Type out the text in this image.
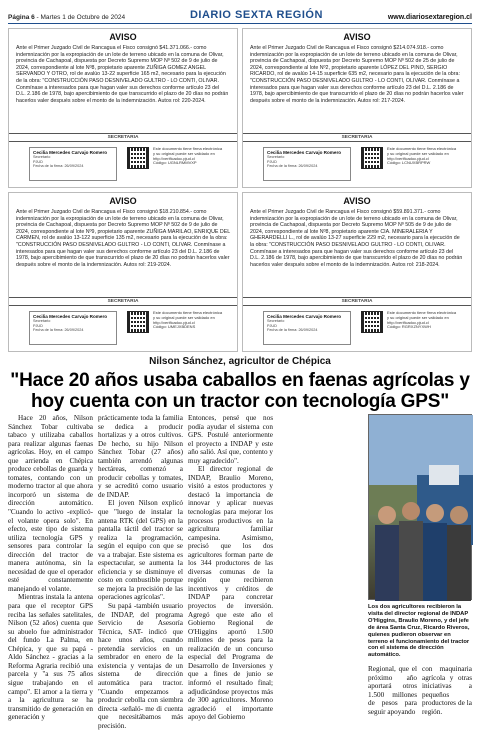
Página 6 - Martes 1 de Octubre de 2024	DIARIO SEXTA REGIÓN	www.diariosextaregion.cl
AVISO
Ante el Primer Juzgado Civil de Rancagua el Fisco consignó $41.371.066.- como indemnización por la expropiación de un lote de terreno ubicado en la comuna de Olivar, provincia de Cachapoal, dispuesta por Decreto Supremo MOP Nº 502 de 9 de julio de 2024, correspondiente al lote Nº8, propietario aparente ZUÑIGA GOMEZ ANGEL SERVANDO Y OTRO, rol de avalúo 13-22 superficie 165 m2, necesario para la ejecución de la obra: "CONSTRUCCIÓN PASO DESNIVELADO GULTRO - LO CONTI, OLIVAR. Conmínase a interesados para que hagan valer sus derechos conforme artículo 23 del D.L. 2.186 de 1978, bajo apercibimiento de que transcurrido el plazo de 20 días no podrán hacerlos valer después sobre el monto de la indemnización. Autos rol: 220-2024.
SECRETARIA
Cecilia Mercedes Carvajo Romero
Secretario
PJUD
Fecha de la firma: 26/09/2024
Este documento tiene firma electrónica y su original puede ser validado en http://verificadoc.pjud.cl
Código: UGNLRMMVXP
AVISO
Ante el Primer Juzgado Civil de Rancagua el Fisco consignó $214.074.918.- como indemnización por la expropiación de un lote de terreno ubicado en la comuna de Olivar, provincia de Cachapoal, dispuesta por Decreto Supremo MOP Nº 502 de 25 de julio de 2024, correspondiente al lote Nº2, propietario aparente LÓPEZ DEL PINO, SERGIO RICARDO, rol de avalúo 14-15 superficie 635 m2, necesario para la ejecución de la obra: "CONSTRUCCIÓN PASO DESNIVELADO GULTRO - LO CONTI, OLIVAR. Conmínase a interesados para que hagan valer sus derechos conforme artículo 23 del D.L. 2.186 de 1978, bajo apercibimiento de que transcurrido el plazo de 20 días no podrán hacerlos valer después sobre el monto de la indemnización. Autos rol: 217-2024.
SECRETARIA
Cecilia Mercedes Carvajo Romero
Secretario
PJUD
Fecha de la firma: 26/09/2024
Este documento tiene firma electrónica y su original puede ser validado en http://verificadoc.pjud.cl
Código: LCNUXBRPRW
AVISO
Ante el Primer Juzgado Civil de Rancagua el Fisco consignó $18.210.854.- como indemnización por la expropiación de un lote de terreno ubicado en la comuna de Olivar, provincia de Cachapoal, dispuesta por Decreto Supremo MOP Nº 502 de 9 de julio de 2024, correspondiente al lote Nº9, propietario aparente ZUÑIGA MARILAO, ENRIQUE DEL CARMEN, rol de avalúo 13-122 superficie 135 m2, necesario para la ejecución de la obra: "CONSTRUCCIÓN PASO DESNIVELADO GULTRO - LO CONTI, OLIVAR. Conmínase a interesados para que hagan valer sus derechos conforme artículo 23 del D.L. 2.186 de 1978, bajo apercibimiento de que transcurrido el plazo de 20 días no podrán hacerlos valer después sobre el monto de la indemnización. Autos rol: 219-2024.
SECRETARIA
Cecilia Mercedes Carvajo Romero
Secretario
PJUD
Fecha de la firma: 26/09/2024
Este documento tiene firma electrónica y su original puede ser validado en http://verificadoc.pjud.cl
Código: UMEJXBDENS
AVISO
Ante el Primer Juzgado Civil de Rancagua el Fisco consignó $59.891.371.- como indemnización por la expropiación de un lote de terreno ubicado en la comuna de Olivar, provincia de Cachapoal, dispuesta por Decreto Supremo MOP Nº 505 de 9 de julio de 2024, correspondiente al lote Nº8, propietario aparente CIA. MINERALERIA Y GHERARDELLI L., rol de avalúo 13-27 superficie 229 m2, necesario para la ejecución de la obra: "CONSTRUCCIÓN PASO DESNIVELADO GULTRO - LO CONTI, OLIVAR. Conmínase a interesados para que hagan valer sus derechos conforme artículo 23 del D.L. 2.186 de 1978, bajo apercibimiento de que transcurrido el plazo de 20 días no podrán hacerlos valer después sobre el monto de la indemnización. Autos rol: 218-2024.
SECRETARIA
Cecilia Mercedes Carvajo Romero
Secretario
PJUD
Fecha de la firma: 26/09/2024
Este documento tiene firma electrónica y su original puede ser validado en http://verificadoc.pjud.cl
Código: RGRXZNYXWH
Nilson Sánchez, agricultor de Chépica
"Hace 20 años usaba caballos en faenas agrícolas y hoy cuenta con un tractor con tecnología GPS"

Hace 20 años, Nilson Sánchez Tobar cultivaba tabaco y utilizaba caballos para realizar algunas faenas agrícolas. Hoy, en el campo que arrienda en Chépica produce cebollas de guarda y tomates, contando con un moderno tractor al que ahora incorporó un sistema de dirección automático. "Cuando lo activo -explicó- el volante opera solo". En efecto, este tipo de sistema utiliza tecnología GPS y sensores para controlar la dirección del tractor de manera autónoma, sin la necesidad de que el operador esté constantemente manejando el volante.

Mientras instala la antena para que el receptor GPS reciba las señales satelitales, Nilson (52 años) cuenta que su abuelo fue administrador del fundo La Palma, en Chépica, y que su papá -Aldo Sánchez - gracias a la Reforma Agraria recibió una parcela y "a sus 75 años sigue trabajando en el campo". El amor a la tierra y a la agricultura se ha transmitido de generación en generación y

prácticamente toda la familia se dedica a producir hortalizas y a otros cultivos. De hecho, su hijo Nilson Sánchez Tobar (27 años) también arrendó algunas hectáreas, comenzó a producir cebollas y tomates, y se acreditó como usuario de INDAP.

El joven Nilson explicó que "luego de instalar la antena RTK (del GPS) en la pantalla táctil del tractor se realiza la programación, según el equipo con que se va a trabajar. Este sistema es espectacular, se aumenta la eficiencia y se disminuye el costo en combustible porque se mejora la precisión de las operaciones agrícolas".

Su papá -también usuario de INDAP, del programa Servicio de Asesoría Técnica, SAT- indicó que hace unos años, cuando pretendía servicios en un sembrador en enero de la existencia y ventajas de un sistema de dirección automática para tractor. "Cuando empezamos a producir cebolla con siembra directa -señaló- me di cuenta que necesitábamos más precisión.

Entonces, pensé que nos podía ayudar el sistema con GPS. Postulé anteriormente el proyecto a INDAP y este año salió. Así que, contento y muy agradecido".

El director regional de INDAP, Braulio Moreno, visitó a estos productores y destacó la importancia de innovar y aplicar nuevas tecnologías para mejorar los procesos productivos en la agricultura familiar campesina. Asimismo, precisó que los dos agricultores forman parte de los 344 productores de las diversas comunas de la región que recibieron incentivos y créditos de INDAP para concretar proyectos de inversión. Agregó que este año el Gobierno Regional de O'Higgins aportó 1.500 millones de pesos para la realización de un concurso especial del Programa de Desarrollo de Inversiones y que a fines de junio se informó el resultado final; adjudicándose proyectos más de 300 agricultores. Moreno agradeció el importante apoyo del Gobierno

Los dos agricultores recibieron la visita del director regional de INDAP O'Higgins, Braulio Moreno, y del jefe de área Santa Cruz, Ricardo Riveros, quienes pudieron observar en terreno el funcionamiento del tractor con el sistema de dirección automático.

Regional, que el próximo año aportará otros 1.500 millones de pesos para seguir apoyando

con maquinaria agrícola y otras iniciativas a pequeños productores de la región.
